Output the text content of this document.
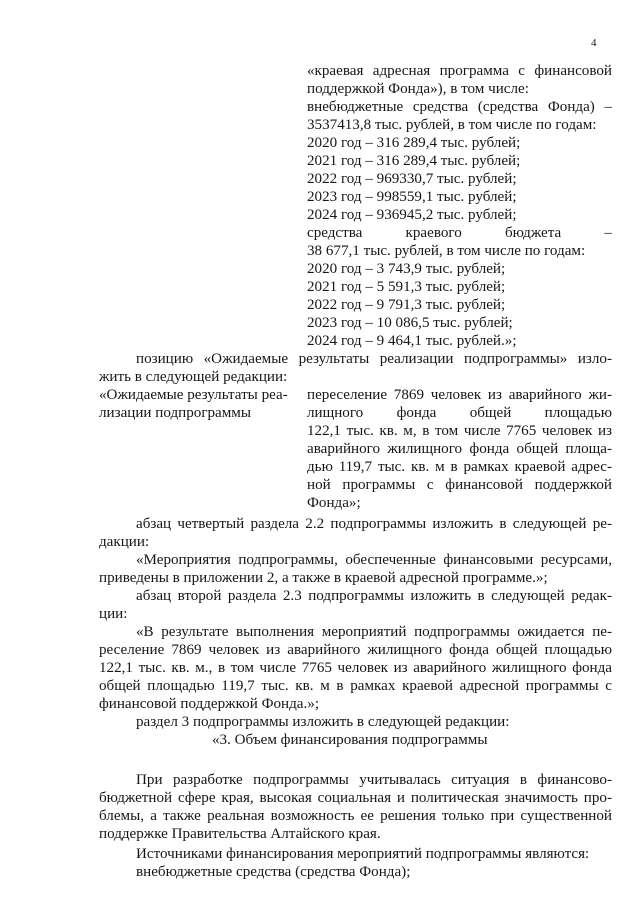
4
«краевая адресная программа с финансовой
поддержкой Фонда»), в том числе:
внебюджетные средства (средства Фонда) –
3537413,8 тыс. рублей, в том числе по годам:
2020 год – 316 289,4 тыс. рублей;
2021 год – 316 289,4 тыс. рублей;
2022 год – 969330,7 тыс. рублей;
2023 год – 998559,1 тыс. рублей;
2024 год – 936945,2 тыс. рублей;
средства краевого бюджета –
38 677,1 тыс. рублей, в том числе по годам:
2020 год – 3 743,9 тыс. рублей;
2021 год – 5 591,3 тыс. рублей;
2022 год – 9 791,3 тыс. рублей;
2023 год – 10 086,5 тыс. рублей;
2024 год – 9 464,1 тыс. рублей.»;
позицию «Ожидаемые результаты реализации подпрограммы» изло-
жить в следующей редакции:
«Ожидаемые результаты реа-
лизации подпрограммы
переселение 7869 человек из аварийного жи-
лищного фонда общей площадью
122,1 тыс. кв. м, в том числе 7765 человек из
аварийного жилищного фонда общей площа-
дью 119,7 тыс. кв. м в рамках краевой адрес-
ной программы с финансовой поддержкой
Фонда»;
абзац четвертый раздела 2.2 подпрограммы изложить в следующей ре-
дакции:
«Мероприятия подпрограммы, обеспеченные финансовыми ресурсами,
приведены в приложении 2, а также в краевой адресной программе.»;
абзац второй раздела 2.3 подпрограммы изложить в следующей редак-
ции:
«В результате выполнения мероприятий подпрограммы ожидается пе-
реселение 7869 человек из аварийного жилищного фонда общей площадью
122,1 тыс. кв. м., в том числе 7765 человек из аварийного жилищного фонда
общей площадью 119,7 тыс. кв. м в рамках краевой адресной программы с
финансовой поддержкой Фонда.»;
раздел 3 подпрограммы изложить в следующей редакции:
«3. Объем финансирования подпрограммы
При разработке подпрограммы учитывалась ситуация в финансово-
бюджетной сфере края, высокая социальная и политическая значимость про-
блемы, а также реальная возможность ее решения только при существенной
поддержке Правительства Алтайского края.
Источниками финансирования мероприятий подпрограммы являются:
внебюджетные средства (средства Фонда);
